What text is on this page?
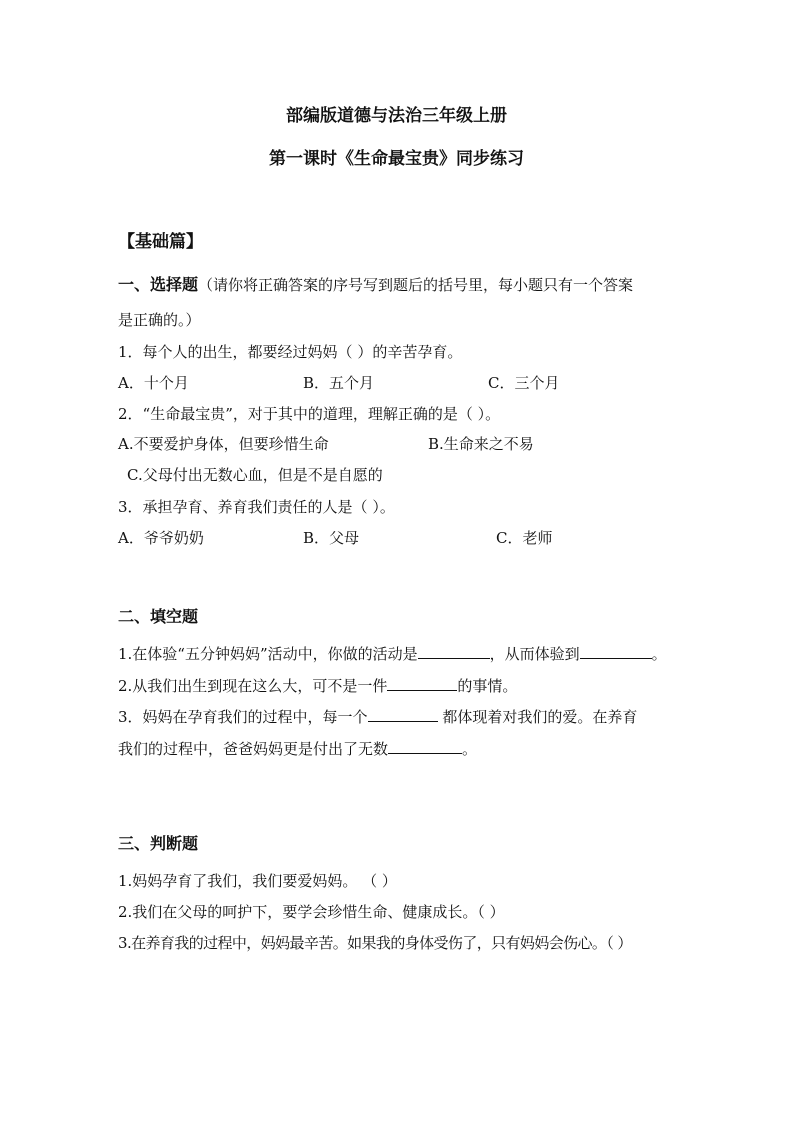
部编版道德与法治三年级上册
第一课时《生命最宝贵》同步练习
【基础篇】
一、选择题（请你将正确答案的序号写到题后的括号里，每小题只有一个答案
是正确的。）
1．每个人的出生，都要经过妈妈（ ）的辛苦孕育。
A．十个月	B．五个月	C．三个月
2．“生命最宝贵”，对于其中的道理，理解正确的是（ ）。
A.不要爱护身体，但要珍惜生命	B.生命来之不易
C.父母付出无数心血，但是不是自愿的
3．承担孕育、养育我们责任的人是（ ）。
A．爷爷奶奶	B．父母	C．老师
二、填空题
1.在体验“五分钟妈妈”活动中，你做的活动是	，从而体验到	。
2.从我们出生到现在这么大，可不是一件	的事情。
3．妈妈在孕育我们的过程中，每一个	都体现着对我们的爱。在养育
我们的过程中，爸爸妈妈更是付出了无数	。
三、判断题
1.妈妈孕育了我们，我们要爱妈妈。 （ ）
2.我们在父母的呵护下，要学会珍惜生命、健康成长。（ ）
3.在养育我的过程中，妈妈最辛苦。如果我的身体受伤了，只有妈妈会伤心。（ ）
